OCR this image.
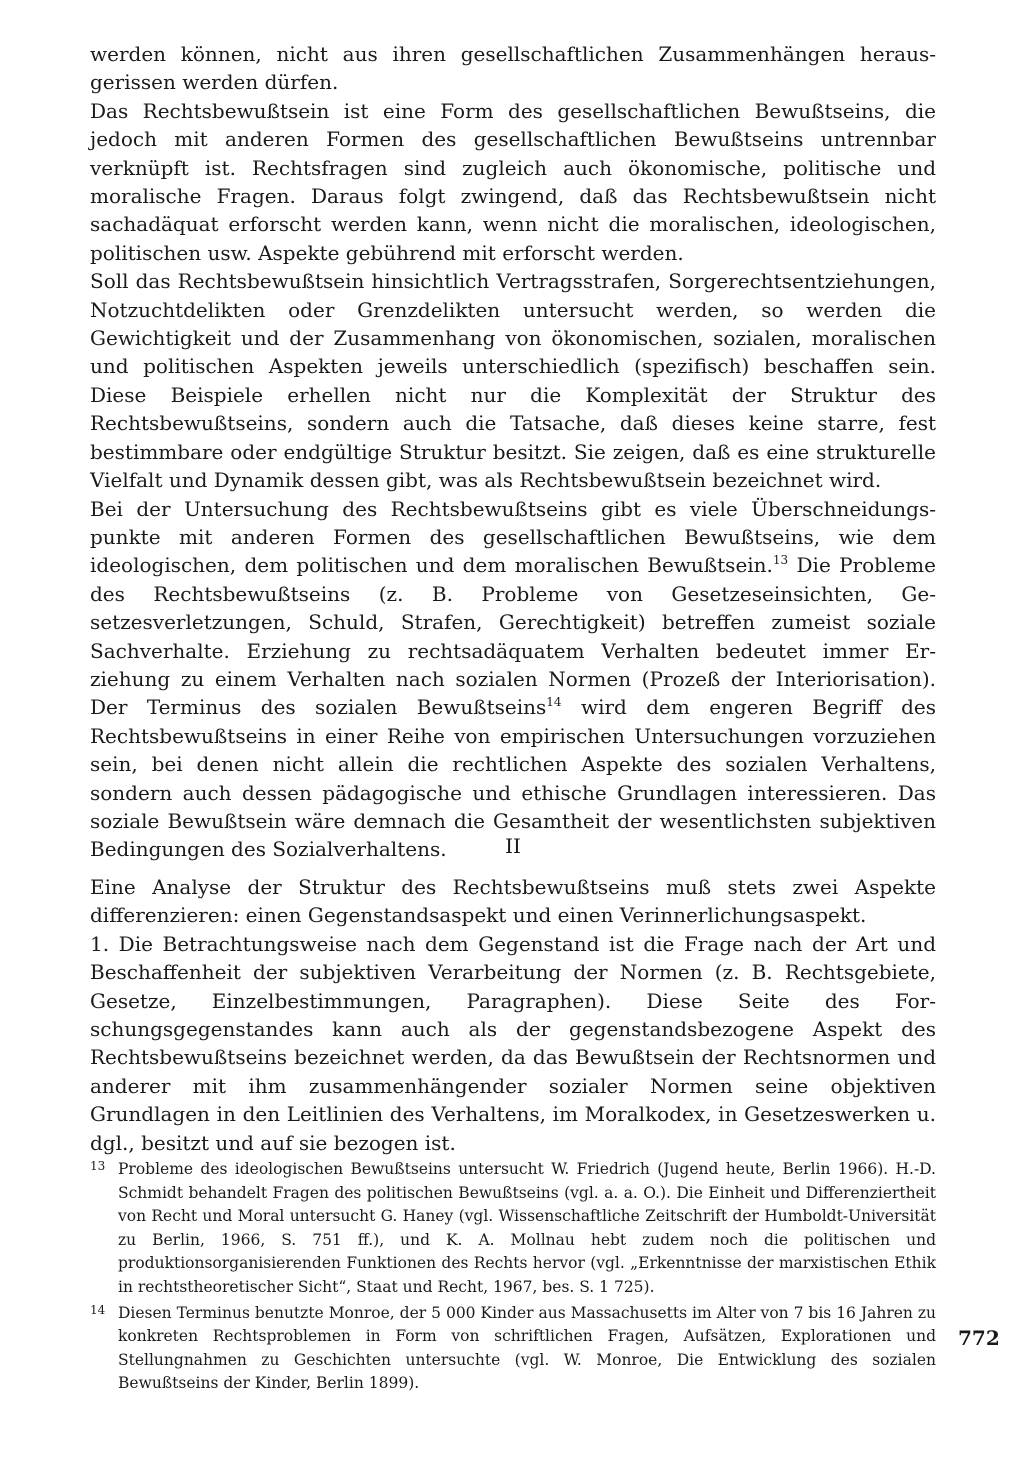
werden können, nicht aus ihren gesellschaftlichen Zusammenhängen herausgerissen werden dürfen.

Das Rechtsbewußtsein ist eine Form des gesellschaftlichen Bewußtseins, die jedoch mit anderen Formen des gesellschaftlichen Bewußtseins untrennbar verknüpft ist. Rechtsfragen sind zugleich auch ökonomische, politische und moralische Fragen. Daraus folgt zwingend, daß das Rechtsbewußtsein nicht sachadäquat erforscht werden kann, wenn nicht die moralischen, ideologischen, politischen usw. Aspekte gebührend mit erforscht werden.

Soll das Rechtsbewußtsein hinsichtlich Vertragsstrafen, Sorgerechtsentziehungen, Notzuchtdelikten oder Grenzdelikten untersucht werden, so werden die Gewichtigkeit und der Zusammenhang von ökonomischen, sozialen, moralischen und politischen Aspekten jeweils unterschiedlich (spezifisch) beschaffen sein. Diese Beispiele erhellen nicht nur die Komplexität der Struktur des Rechtsbewußtseins, sondern auch die Tatsache, daß dieses keine starre, fest bestimmbare oder endgültige Struktur besitzt. Sie zeigen, daß es eine strukturelle Vielfalt und Dynamik dessen gibt, was als Rechtsbewußtsein bezeichnet wird.

Bei der Untersuchung des Rechtsbewußtseins gibt es viele Überschneidungspunkte mit anderen Formen des gesellschaftlichen Bewußtseins, wie dem ideologischen, dem politischen und dem moralischen Bewußtsein.$^{13}$ Die Probleme des Rechtsbewußtseins (z. B. Probleme von Gesetzeseinsichten, Gesetzesverletzungen, Schuld, Strafen, Gerechtigkeit) betreffen zumeist soziale Sachverhalte. Erziehung zu rechtsadäquatem Verhalten bedeutet immer Erziehung zu einem Verhalten nach sozialen Normen (Prozeß der Interiorisation). Der Terminus des sozialen Bewußtseins$^{14}$ wird dem engeren Begriff des Rechtsbewußtseins in einer Reihe von empirischen Untersuchungen vorzuziehen sein, bei denen nicht allein die rechtlichen Aspekte des sozialen Verhaltens, sondern auch dessen pädagogische und ethische Grundlagen interessieren. Das soziale Bewußtsein wäre demnach die Gesamtheit der wesentlichsten subjektiven Bedingungen des Sozialverhaltens.	II

Eine Analyse der Struktur des Rechtsbewußtseins muß stets zwei Aspekte differenzieren: einen Gegenstandsaspekt und einen Verinnerlichungsaspekt.

1. Die Betrachtungsweise nach dem Gegenstand ist die Frage nach der Art und Beschaffenheit der subjektiven Verarbeitung der Normen (z. B. Rechtsgebiete, Gesetze, Einzelbestimmungen, Paragraphen). Diese Seite des Forschungsgegenstandes kann auch als der gegenstandsbezogene Aspekt des Rechtsbewußtseins bezeichnet werden, da das Bewußtsein der Rechtsnormen und anderer mit ihm zusammenhängender sozialer Normen seine objektiven Grundlagen in den Leitlinien des Verhaltens, im Moralkodex, in Gesetzeswerken u. dgl., besitzt und auf sie bezogen ist.

13 Probleme des ideologischen Bewußtseins untersucht W. Friedrich (Jugend heute, Berlin 1966). H.-D. Schmidt behandelt Fragen des politischen Bewußtseins (vgl. a. a. O.). Die Einheit und Differenziertheit von Recht und Moral untersucht G. Haney (vgl. Wissenschaftliche Zeitschrift der Humboldt-Universität zu Berlin, 1966, S. 751 ff.), und K. A. Mollnau hebt zudem noch die politischen und produktionsorganisierenden Funktionen des Rechts hervor (vgl. „Erkenntnisse der marxistischen Ethik in rechtstheoretischer Sicht“, Staat und Recht, 1967, bes. S. 1 725).
14 Diesen Terminus benutzte Monroe, der 5 000 Kinder aus Massachusetts im Alter von 7 bis 16 Jahren zu konkreten Rechtsproblemen in Form von schriftlichen Fragen, Aufsätzen, Explorationen und Stellungnahmen zu Geschichten untersuchte (vgl. W. Monroe, Die Entwicklung des sozialen Bewußtseins der Kinder, Berlin 1899).
772
